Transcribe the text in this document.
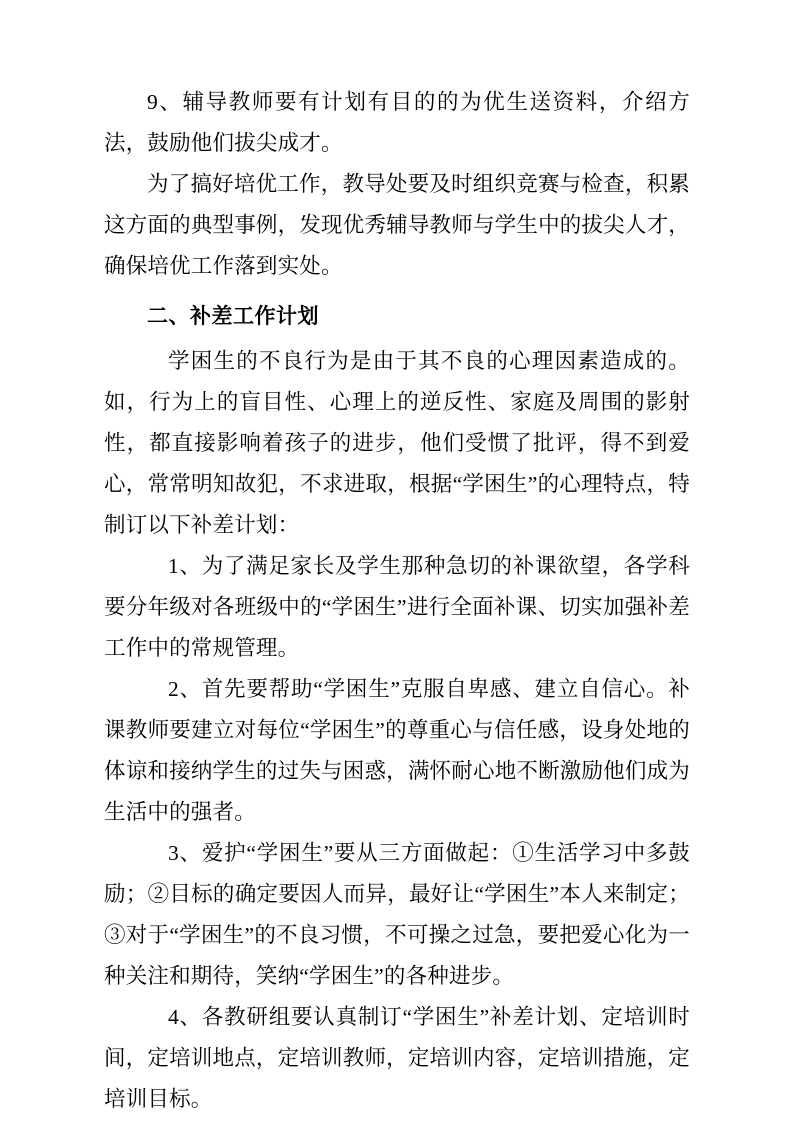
9、辅导教师要有计划有目的的为优生送资料，介绍方法，鼓励他们拔尖成才。

为了搞好培优工作，教导处要及时组织竞赛与检查，积累这方面的典型事例，发现优秀辅导教师与学生中的拔尖人才，确保培优工作落到实处。

二、补差工作计划

学困生的不良行为是由于其不良的心理因素造成的。如，行为上的盲目性、心理上的逆反性、家庭及周围的影射性，都直接影响着孩子的进步，他们受惯了批评，得不到爱心，常常明知故犯，不求进取，根据“学困生”的心理特点，特制订以下补差计划：

1、为了满足家长及学生那种急切的补课欲望，各学科要分年级对各班级中的“学困生”进行全面补课、切实加强补差工作中的常规管理。

2、首先要帮助“学困生”克服自卑感、建立自信心。补课教师要建立对每位“学困生”的尊重心与信任感，设身处地的体谅和接纳学生的过失与困惑，满怀耐心地不断激励他们成为生活中的强者。

3、爱护“学困生”要从三方面做起：①生活学习中多鼓励；②目标的确定要因人而异，最好让“学困生”本人来制定；③对于“学困生”的不良习惯，不可操之过急，要把爱心化为一种关注和期待，笑纳“学困生”的各种进步。

4、各教研组要认真制订“学困生”补差计划、定培训时间，定培训地点，定培训教师，定培训内容，定培训措施，定培训目标。
